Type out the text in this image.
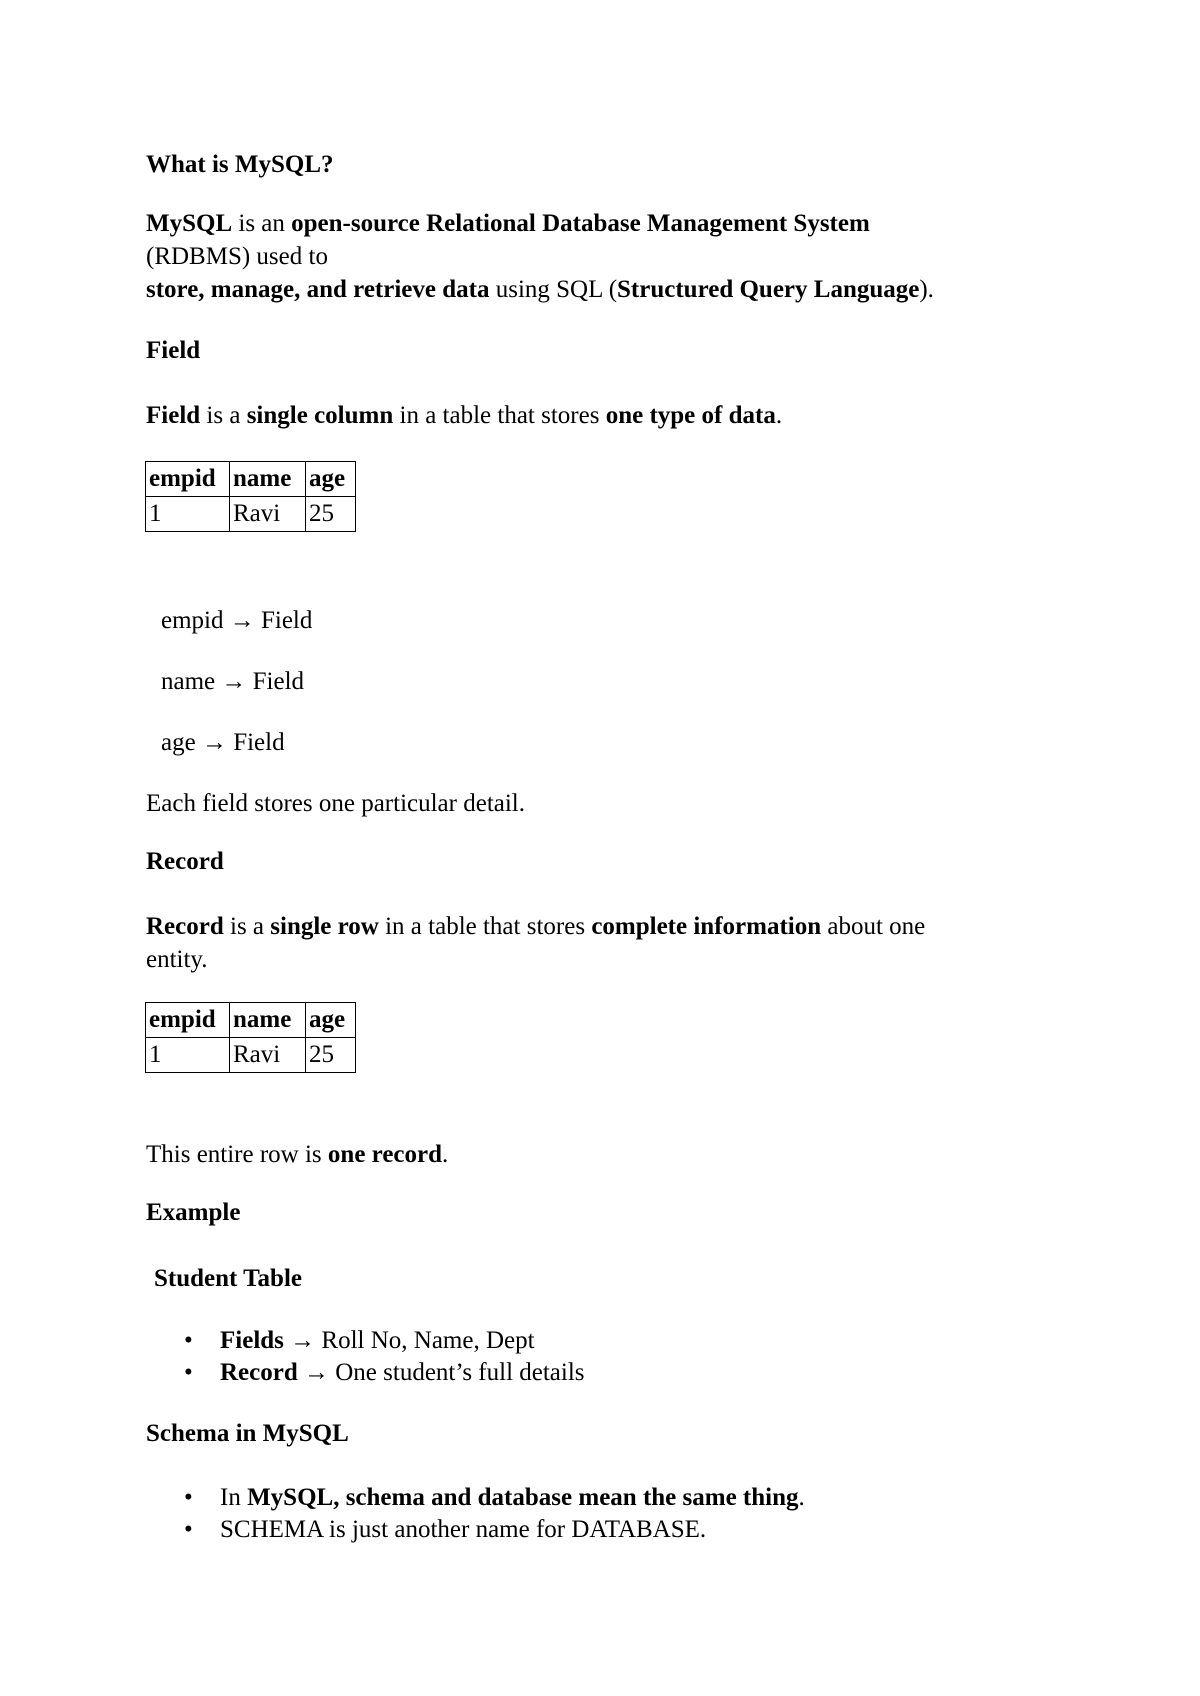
What is MySQL?

MySQL is an open-source Relational Database Management System

(RDBMS) used to

store, manage, and retrieve data using SQL (Structured Query Language).

Field

Field is a single column in a table that stores one type of data.

empid	name	age
1	Ravi	25

empid → Field

name → Field

age → Field

Each field stores one particular detail.

Record

Record is a single row in a table that stores complete information about one

entity.

empid	name	age
1	Ravi	25

This entire row is one record.

Example

Student Table

• Fields → Roll No, Name, Dept
• Record → One student’s full details

Schema in MySQL

• In MySQL, schema and database mean the same thing.
• SCHEMA is just another name for DATABASE.
